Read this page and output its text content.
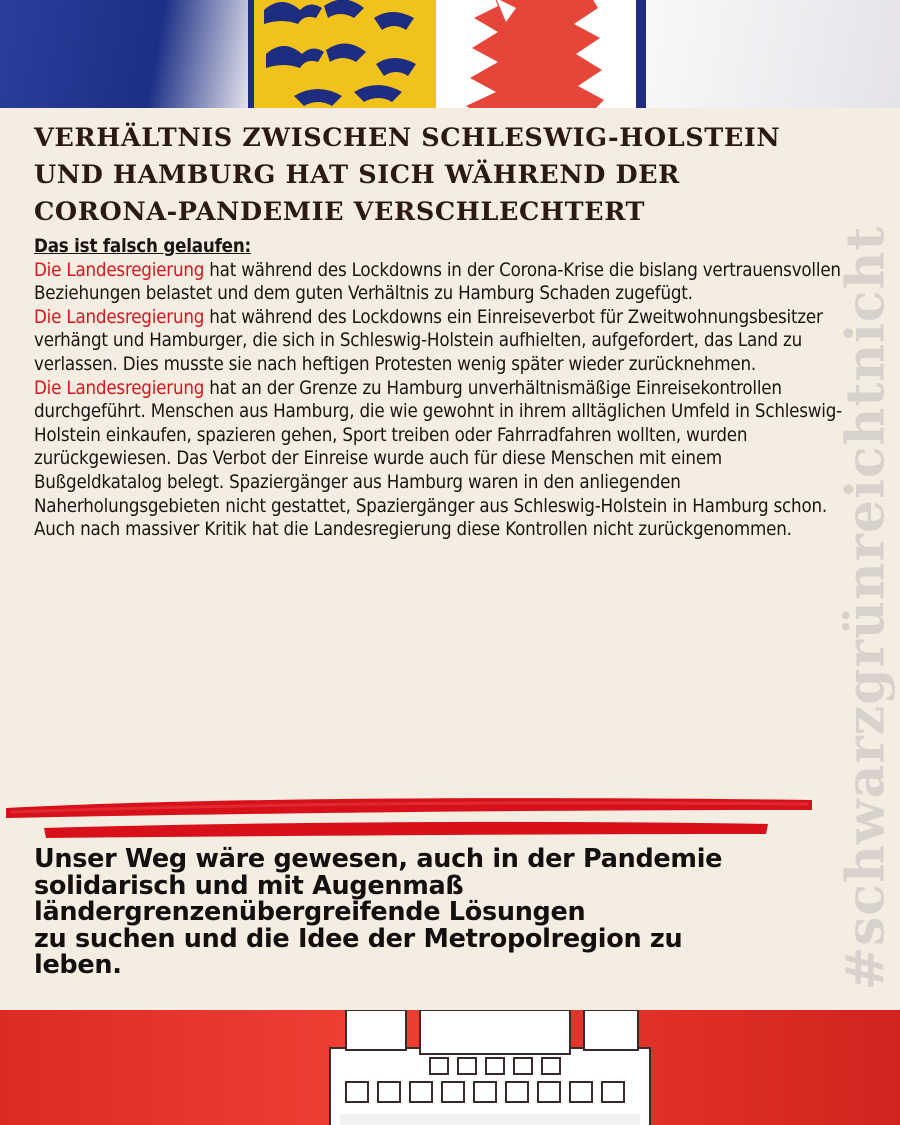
VERHÄLTNIS ZWISCHEN SCHLESWIG-HOLSTEIN
UND HAMBURG HAT SICH WÄHREND DER
CORONA-PANDEMIE VERSCHLECHTERT

Das ist falsch gelaufen:

Die Landesregierung hat während des Lockdowns in der Corona-Krise die bislang vertrauensvollen Beziehungen belastet und dem guten Verhältnis zu Hamburg Schaden zugefügt.

Die Landesregierung hat während des Lockdowns ein Einreiseverbot für Zweitwohnungsbesitzer verhängt und Hamburger, die sich in Schleswig-Holstein aufhielten, aufgefordert, das Land zu verlassen. Dies musste sie nach heftigen Protesten wenig später wieder zurücknehmen.

Die Landesregierung hat an der Grenze zu Hamburg unverhältnismäßige Einreisekontrollen durchgeführt. Menschen aus Hamburg, die wie gewohnt in ihrem alltäglichen Umfeld in Schleswig-Holstein einkaufen, spazieren gehen, Sport treiben oder Fahrradfahren wollten, wurden zurückgewiesen. Das Verbot der Einreise wurde auch für diese Menschen mit einem Bußgeldkatalog belegt. Spaziergänger aus Hamburg waren in den anliegenden Naherholungsgebieten nicht gestattet, Spaziergänger aus Schleswig-Holstein in Hamburg schon.

Auch nach massiver Kritik hat die Landesregierung diese Kontrollen nicht zurückgenommen.

Unser Weg wäre gewesen, auch in der Pandemie
solidarisch und mit Augenmaß
ländergrenzenübergreifende Lösungen
zu suchen und die Idee der Metropolregion zu
leben.	#schwarzgrünreichtnicht
